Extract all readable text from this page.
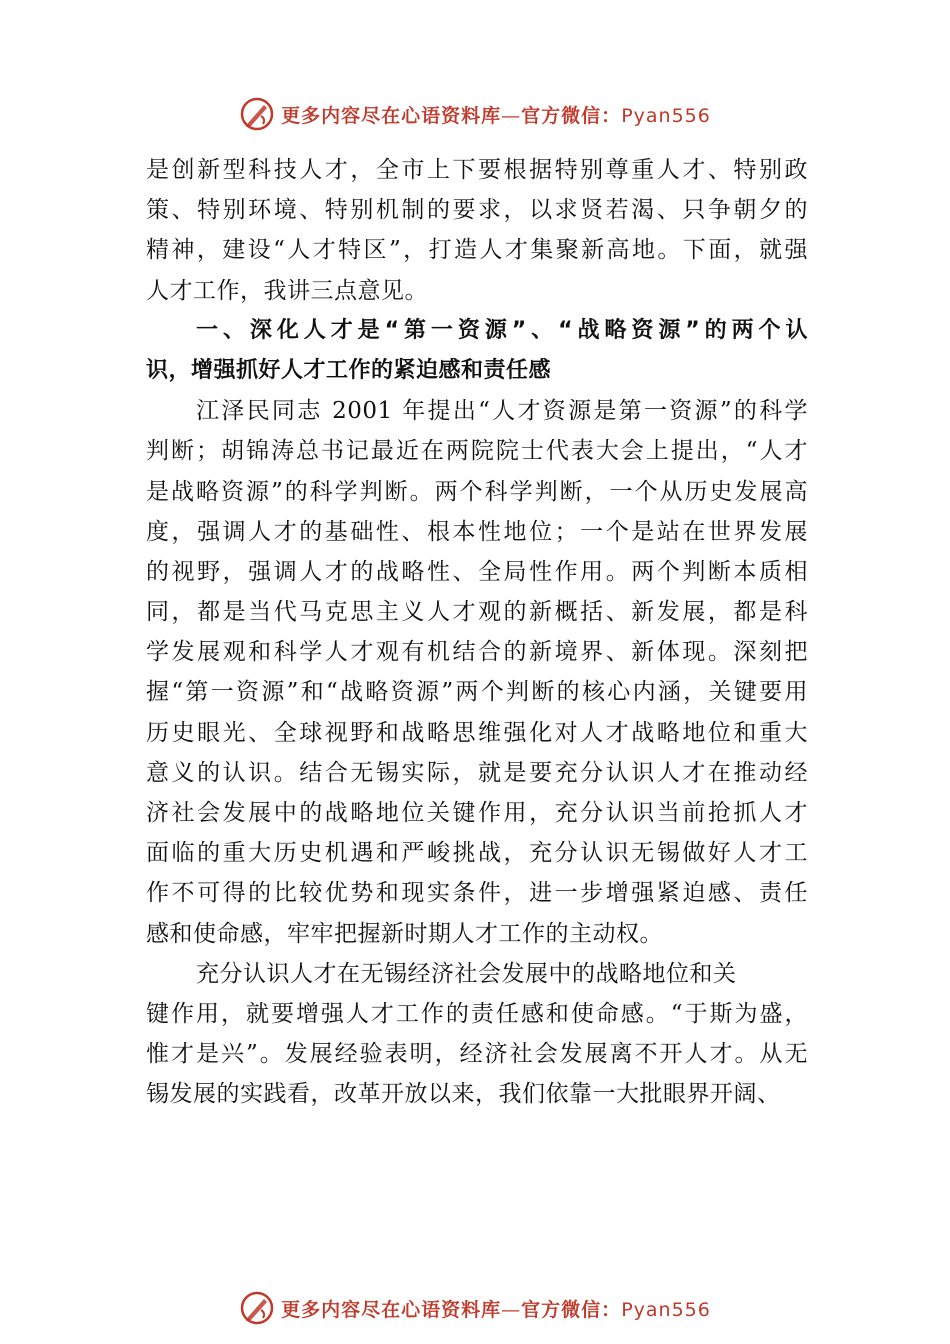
更多内容尽在心语资料库—官方微信：Pyan556
是创新型科技人才，全市上下要根据特别尊重人才、特别政
策、特别环境、特别机制的要求，以求贤若渴、只争朝夕的
精神，建设“人才特区”，打造人才集聚新高地。下面，就强
人才工作，我讲三点意见。
一、深化人才是“第一资源”、“战略资源”的两个认
识，增强抓好人才工作的紧迫感和责任感
江泽民同志 2001 年提出“人才资源是第一资源”的科学
判断；胡锦涛总书记最近在两院院士代表大会上提出，“人才
是战略资源”的科学判断。两个科学判断，一个从历史发展高
度，强调人才的基础性、根本性地位；一个是站在世界发展
的视野，强调人才的战略性、全局性作用。两个判断本质相
同，都是当代马克思主义人才观的新概括、新发展，都是科
学发展观和科学人才观有机结合的新境界、新体现。深刻把
握“第一资源”和“战略资源”两个判断的核心内涵，关键要用
历史眼光、全球视野和战略思维强化对人才战略地位和重大
意义的认识。结合无锡实际，就是要充分认识人才在推动经
济社会发展中的战略地位关键作用，充分认识当前抢抓人才
面临的重大历史机遇和严峻挑战，充分认识无锡做好人才工
作不可得的比较优势和现实条件，进一步增强紧迫感、责任
感和使命感，牢牢把握新时期人才工作的主动权。
充分认识人才在无锡经济社会发展中的战略地位和关
键作用，就要增强人才工作的责任感和使命感。“于斯为盛，
惟才是兴”。发展经验表明，经济社会发展离不开人才。从无
锡发展的实践看，改革开放以来，我们依靠一大批眼界开阔、
更多内容尽在心语资料库—官方微信：Pyan556
